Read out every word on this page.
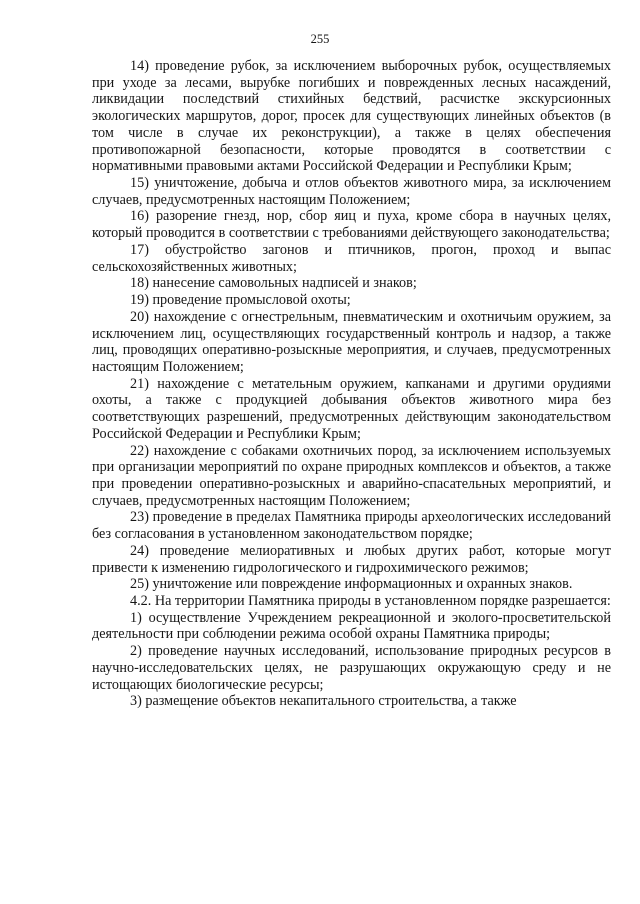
255

14) проведение рубок, за исключением выборочных рубок, осуществляемых при уходе за лесами, вырубке погибших и поврежденных лесных насаждений, ликвидации последствий стихийных бедствий, расчистке экскурсионных экологических маршрутов, дорог, просек для существующих линейных объектов (в том числе в случае их реконструкции), а также в целях обеспечения противопожарной безопасности, которые проводятся в соответствии с нормативными правовыми актами Российской Федерации и Республики Крым;

15) уничтожение, добыча и отлов объектов животного мира, за исключением случаев, предусмотренных настоящим Положением;

16) разорение гнезд, нор, сбор яиц и пуха, кроме сбора в научных целях, который проводится в соответствии с требованиями действующего законодательства;

17) обустройство загонов и птичников, прогон, проход и выпас сельскохозяйственных животных;

18) нанесение самовольных надписей и знаков;

19) проведение промысловой охоты;

20) нахождение с огнестрельным, пневматическим и охотничьим оружием, за исключением лиц, осуществляющих государственный контроль и надзор, а также лиц, проводящих оперативно-розыскные мероприятия, и случаев, предусмотренных настоящим Положением;

21) нахождение с метательным оружием, капканами и другими орудиями охоты, а также с продукцией добывания объектов животного мира без соответствующих разрешений, предусмотренных действующим законодательством Российской Федерации и Республики Крым;

22) нахождение с собаками охотничьих пород, за исключением используемых при организации мероприятий по охране природных комплексов и объектов, а также при проведении оперативно-розыскных и аварийно-спасательных мероприятий, и случаев, предусмотренных настоящим Положением;

23) проведение в пределах Памятника природы археологических исследований без согласования в установленном законодательством порядке;

24) проведение мелиоративных и любых других работ, которые могут привести к изменению гидрологического и гидрохимического режимов;

25) уничтожение или повреждение информационных и охранных знаков.

4.2. На территории Памятника природы в установленном порядке разрешается:

1) осуществление Учреждением рекреационной и эколого-просветительской деятельности при соблюдении режима особой охраны Памятника природы;

2) проведение научных исследований, использование природных ресурсов в научно-исследовательских целях, не разрушающих окружающую среду и не истощающих биологические ресурсы;

3) размещение объектов некапитального строительства, а также
